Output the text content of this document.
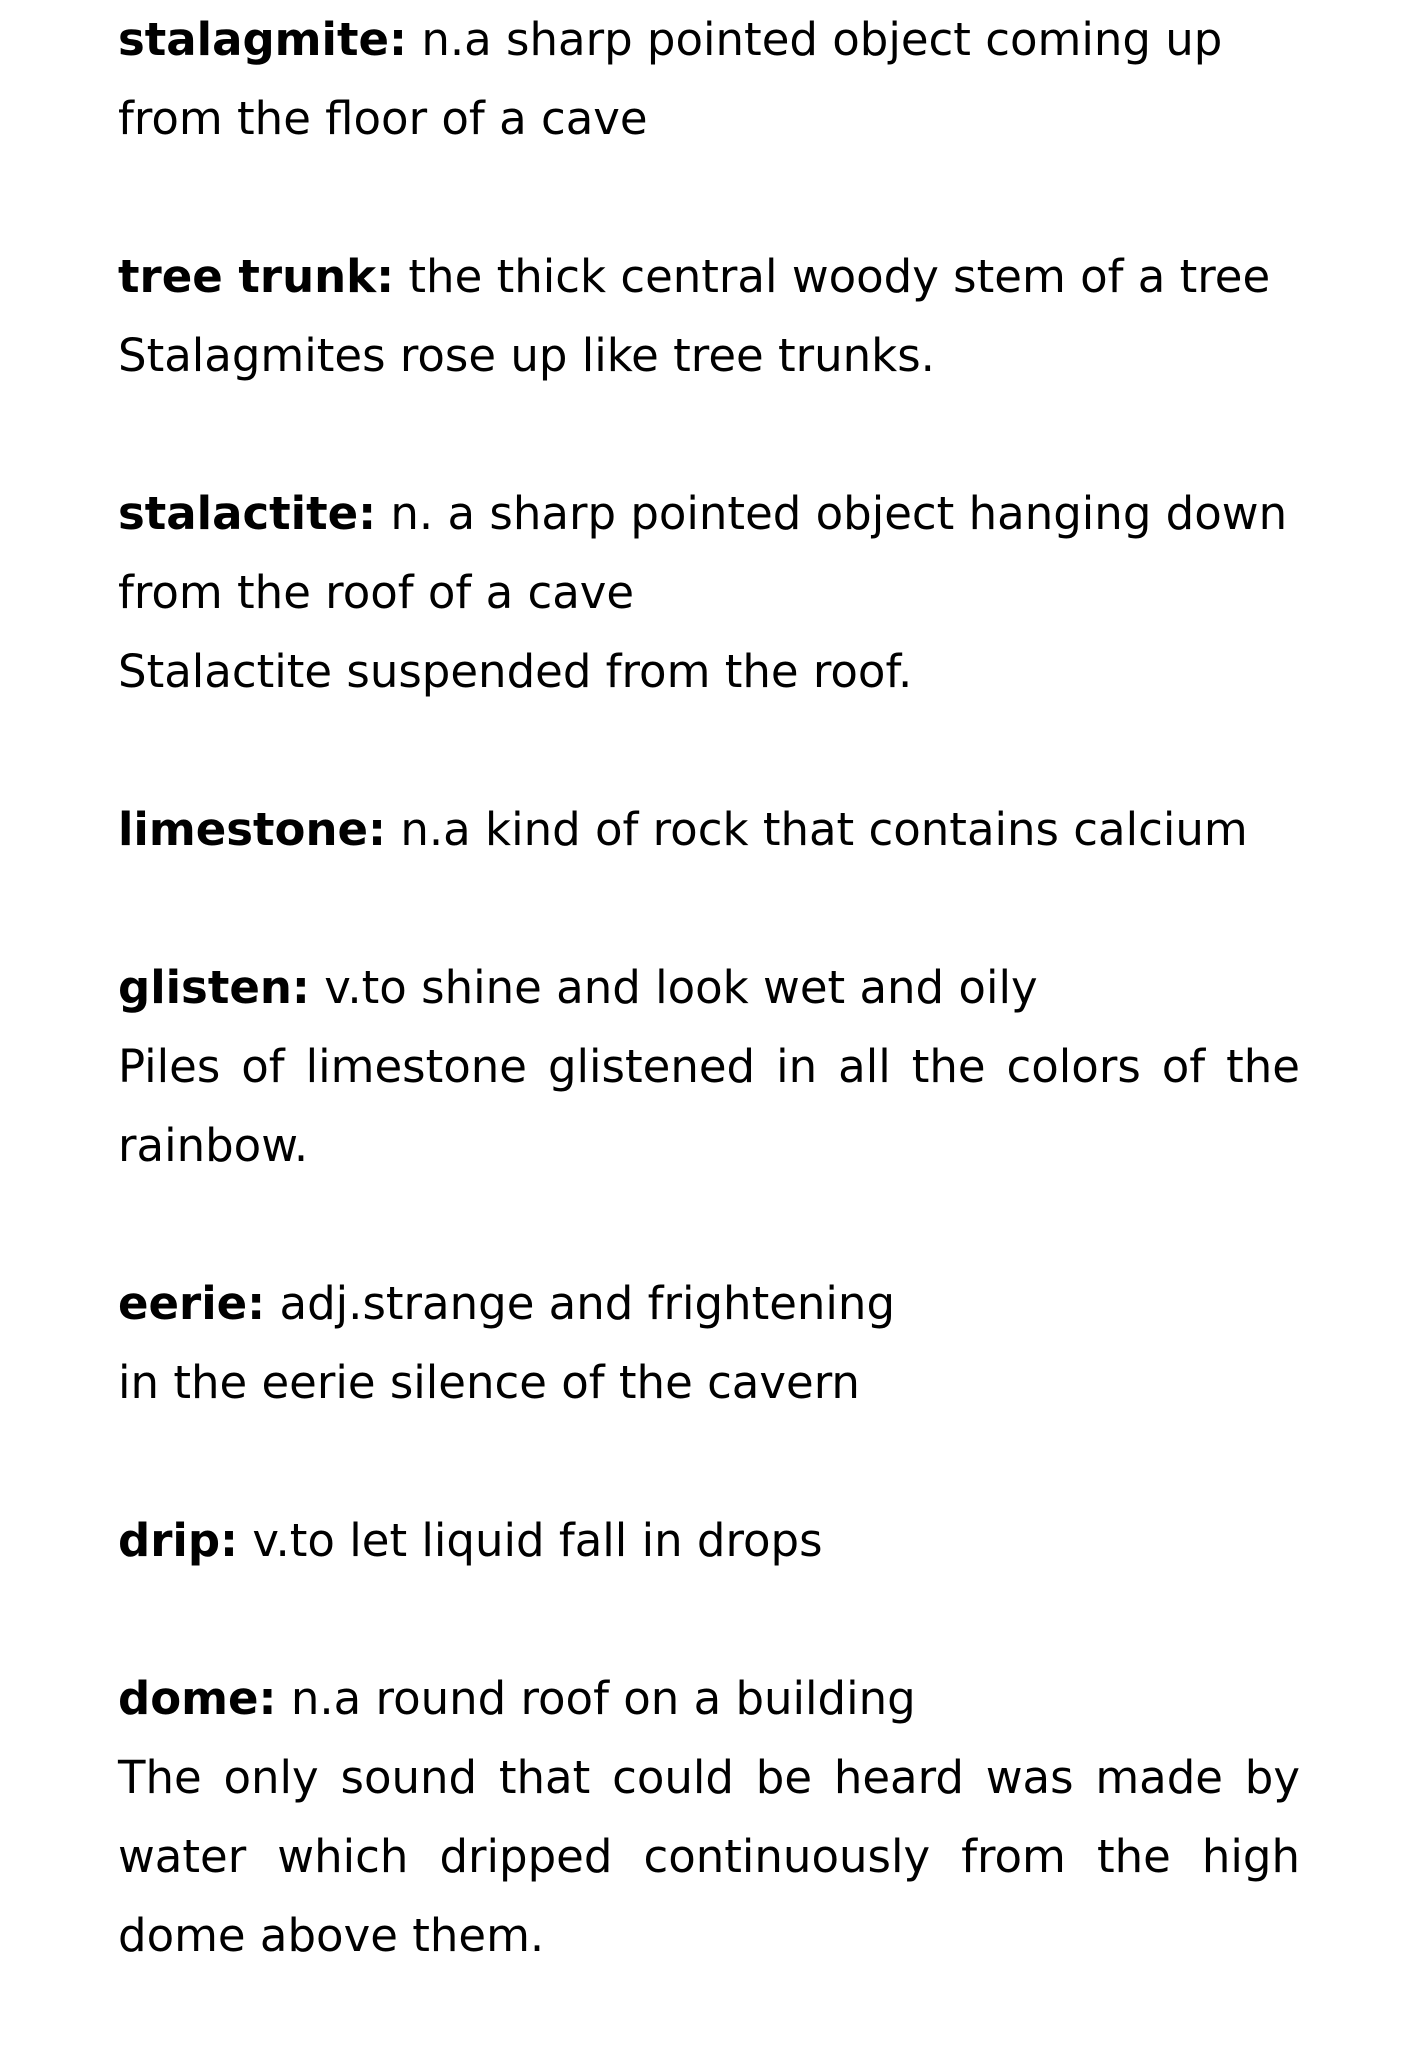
stalagmite: n.a sharp pointed object coming up from the floor of a cave
tree trunk: the thick central woody stem of a tree
Stalagmites rose up like tree trunks.
stalactite: n. a sharp pointed object hanging down from the roof of a cave
Stalactite suspended from the roof.
limestone: n.a kind of rock that contains calcium
glisten: v.to shine and look wet and oily
Piles of limestone glistened in all the colors of the rainbow.
eerie: adj.strange and frightening
in the eerie silence of the cavern
drip: v.to let liquid fall in drops
dome: n.a round roof on a building
The only sound that could be heard was made by water which dripped continuously from the high dome above them.
